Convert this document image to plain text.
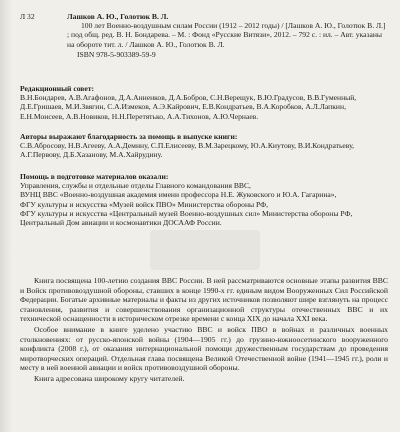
Л 32	Лашков А. Ю., Голотюк В. Л.
100 лет Военно-воздушным силам России (1912 – 2012 годы) / [Лашков А. Ю., Голотюк В. Л.] ; под общ. ред. В. Н. Бондарева. – М. : Фонд «Русские Витязи», 2012. – 792 с. : ил. – Авт. указаны на обороте тит. л. / Лашков А. Ю., Голотюк В. Л.
ISBN 978-5-903389-59-9
Редакционный совет:
В.Н.Бондарев, А.В.Агафонов, Д.А.Анненков, Д.А.Бобров, С.Н.Верещук, В.Ю.Градусов, В.В.Гуменный, Д.Е.Гришаев, М.И.Звягин, С.А.Измеков, А.Э.Кайрович, Е.В.Кондратьев, В.А.Коробков, А.Л.Лапкин, Е.Н.Моисеев, А.В.Новиков, Н.Н.Перетятько, А.А.Тихонов, А.Ю.Чернаев.
Авторы выражают благодарность за помощь в выпуске книги:
С.В.Абросову, Н.В.Агееву, А.А.Демину, С.П.Елисееву, В.М.Зарецкому, Ю.А.Киутову, В.И.Кондратьеву, А.Г.Первову, Д.Б.Хазанову, М.А.Хайрудину.
Помощь в подготовке материалов оказали:
Управления, службы и отдельные отделы Главного командования ВВС,
ВУНЦ ВВС «Военно-воздушная академия имени профессора Н.Е. Жуковского и Ю.А. Гагарина»,
ФГУ культуры и искусства «Музей войск ПВО» Министерства обороны РФ,
ФГУ культуры и искусства «Центральный музей Военно-воздушных сил» Министерства обороны РФ,
Центральный Дом авиации и космонавтики ДОСААФ России.

Книга посвящена 100-летию создания ВВС России. В ней рассматриваются основные этапы развития ВВС и Войск противовоздушной обороны, ставших в конце 1990-х гг. единым видом Вооруженных Сил Российской Федерации. Богатые архивные материалы и факты из других источников позволяют шире взглянуть на процесс становления, развития и совершенствования организационной структуры отечественных ВВС и их технической оснащенности в историческом отрезке времени с конца XIX до начала XXI века.

Особое внимание в книге уделено участию ВВС и войск ПВО в войнах и различных военных столкновениях: от русско-японской войны (1904—1905 гг.) до грузино-южноосетинского вооруженного конфликта (2008 г.), от оказания интернациональной помощи дружественным государствам до проведения миротворческих операций. Отдельная глава посвящена Великой Отечественной войне (1941—1945 гг.), роли и месту в ней военной авиации и войск противовоздушной обороны.

Книга адресована широкому кругу читателей.
